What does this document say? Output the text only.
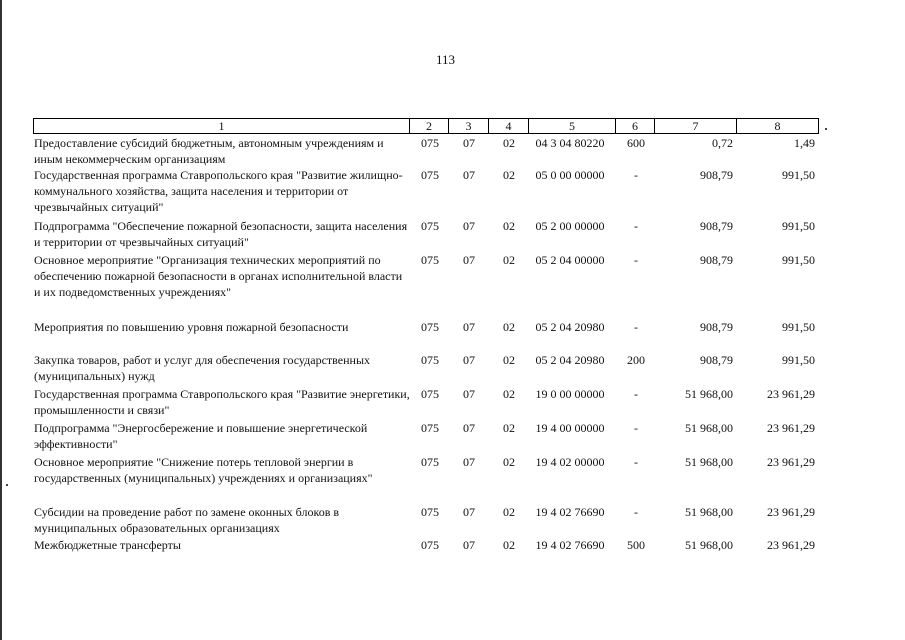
113
1	2	3	4	5	6	7	8
Предоставление субсидий бюджетным, автономным учреждениям и иным некоммерческим организациям
075	07	02	04 3 04 80220	600	0,72	1,49
Государственная программа Ставропольского края "Развитие жилищно-коммунального хозяйства, защита населения и территории от чрезвычайных ситуаций"
075	07	02	05 0 00 00000	-	908,79	991,50
Подпрограмма "Обеспечение пожарной безопасности, защита населения и территории от чрезвычайных ситуаций"
075	07	02	05 2 00 00000	-	908,79	991,50
Основное мероприятие "Организация технических мероприятий по обеспечению пожарной безопасности в органах исполнительной власти и их подведомственных учреждениях"
075	07	02	05 2 04 00000	-	908,79	991,50
Мероприятия по повышению уровня пожарной безопасности	075	07	02	05 2 04 20980	-	908,79	991,50
Закупка товаров, работ и услуг для обеспечения государственных (муниципальных) нужд
075	07	02	05 2 04 20980	200	908,79	991,50
Государственная программа Ставропольского края "Развитие энергетики, промышленности и связи"
075	07	02	19 0 00 00000	-	51 968,00	23 961,29
Подпрограмма "Энергосбережение и повышение энергетической эффективности"
075	07	02	19 4 00 00000	-	51 968,00	23 961,29
Основное мероприятие "Снижение потерь тепловой энергии в государственных (муниципальных) учреждениях и организациях"
075	07	02	19 4 02 00000	-	51 968,00	23 961,29
Субсидии на проведение работ по замене оконных блоков в муниципальных образовательных организациях
075	07	02	19 4 02 76690	-	51 968,00	23 961,29
Межбюджетные трансферты	075	07	02	19 4 02 76690	500	51 968,00	23 961,29
